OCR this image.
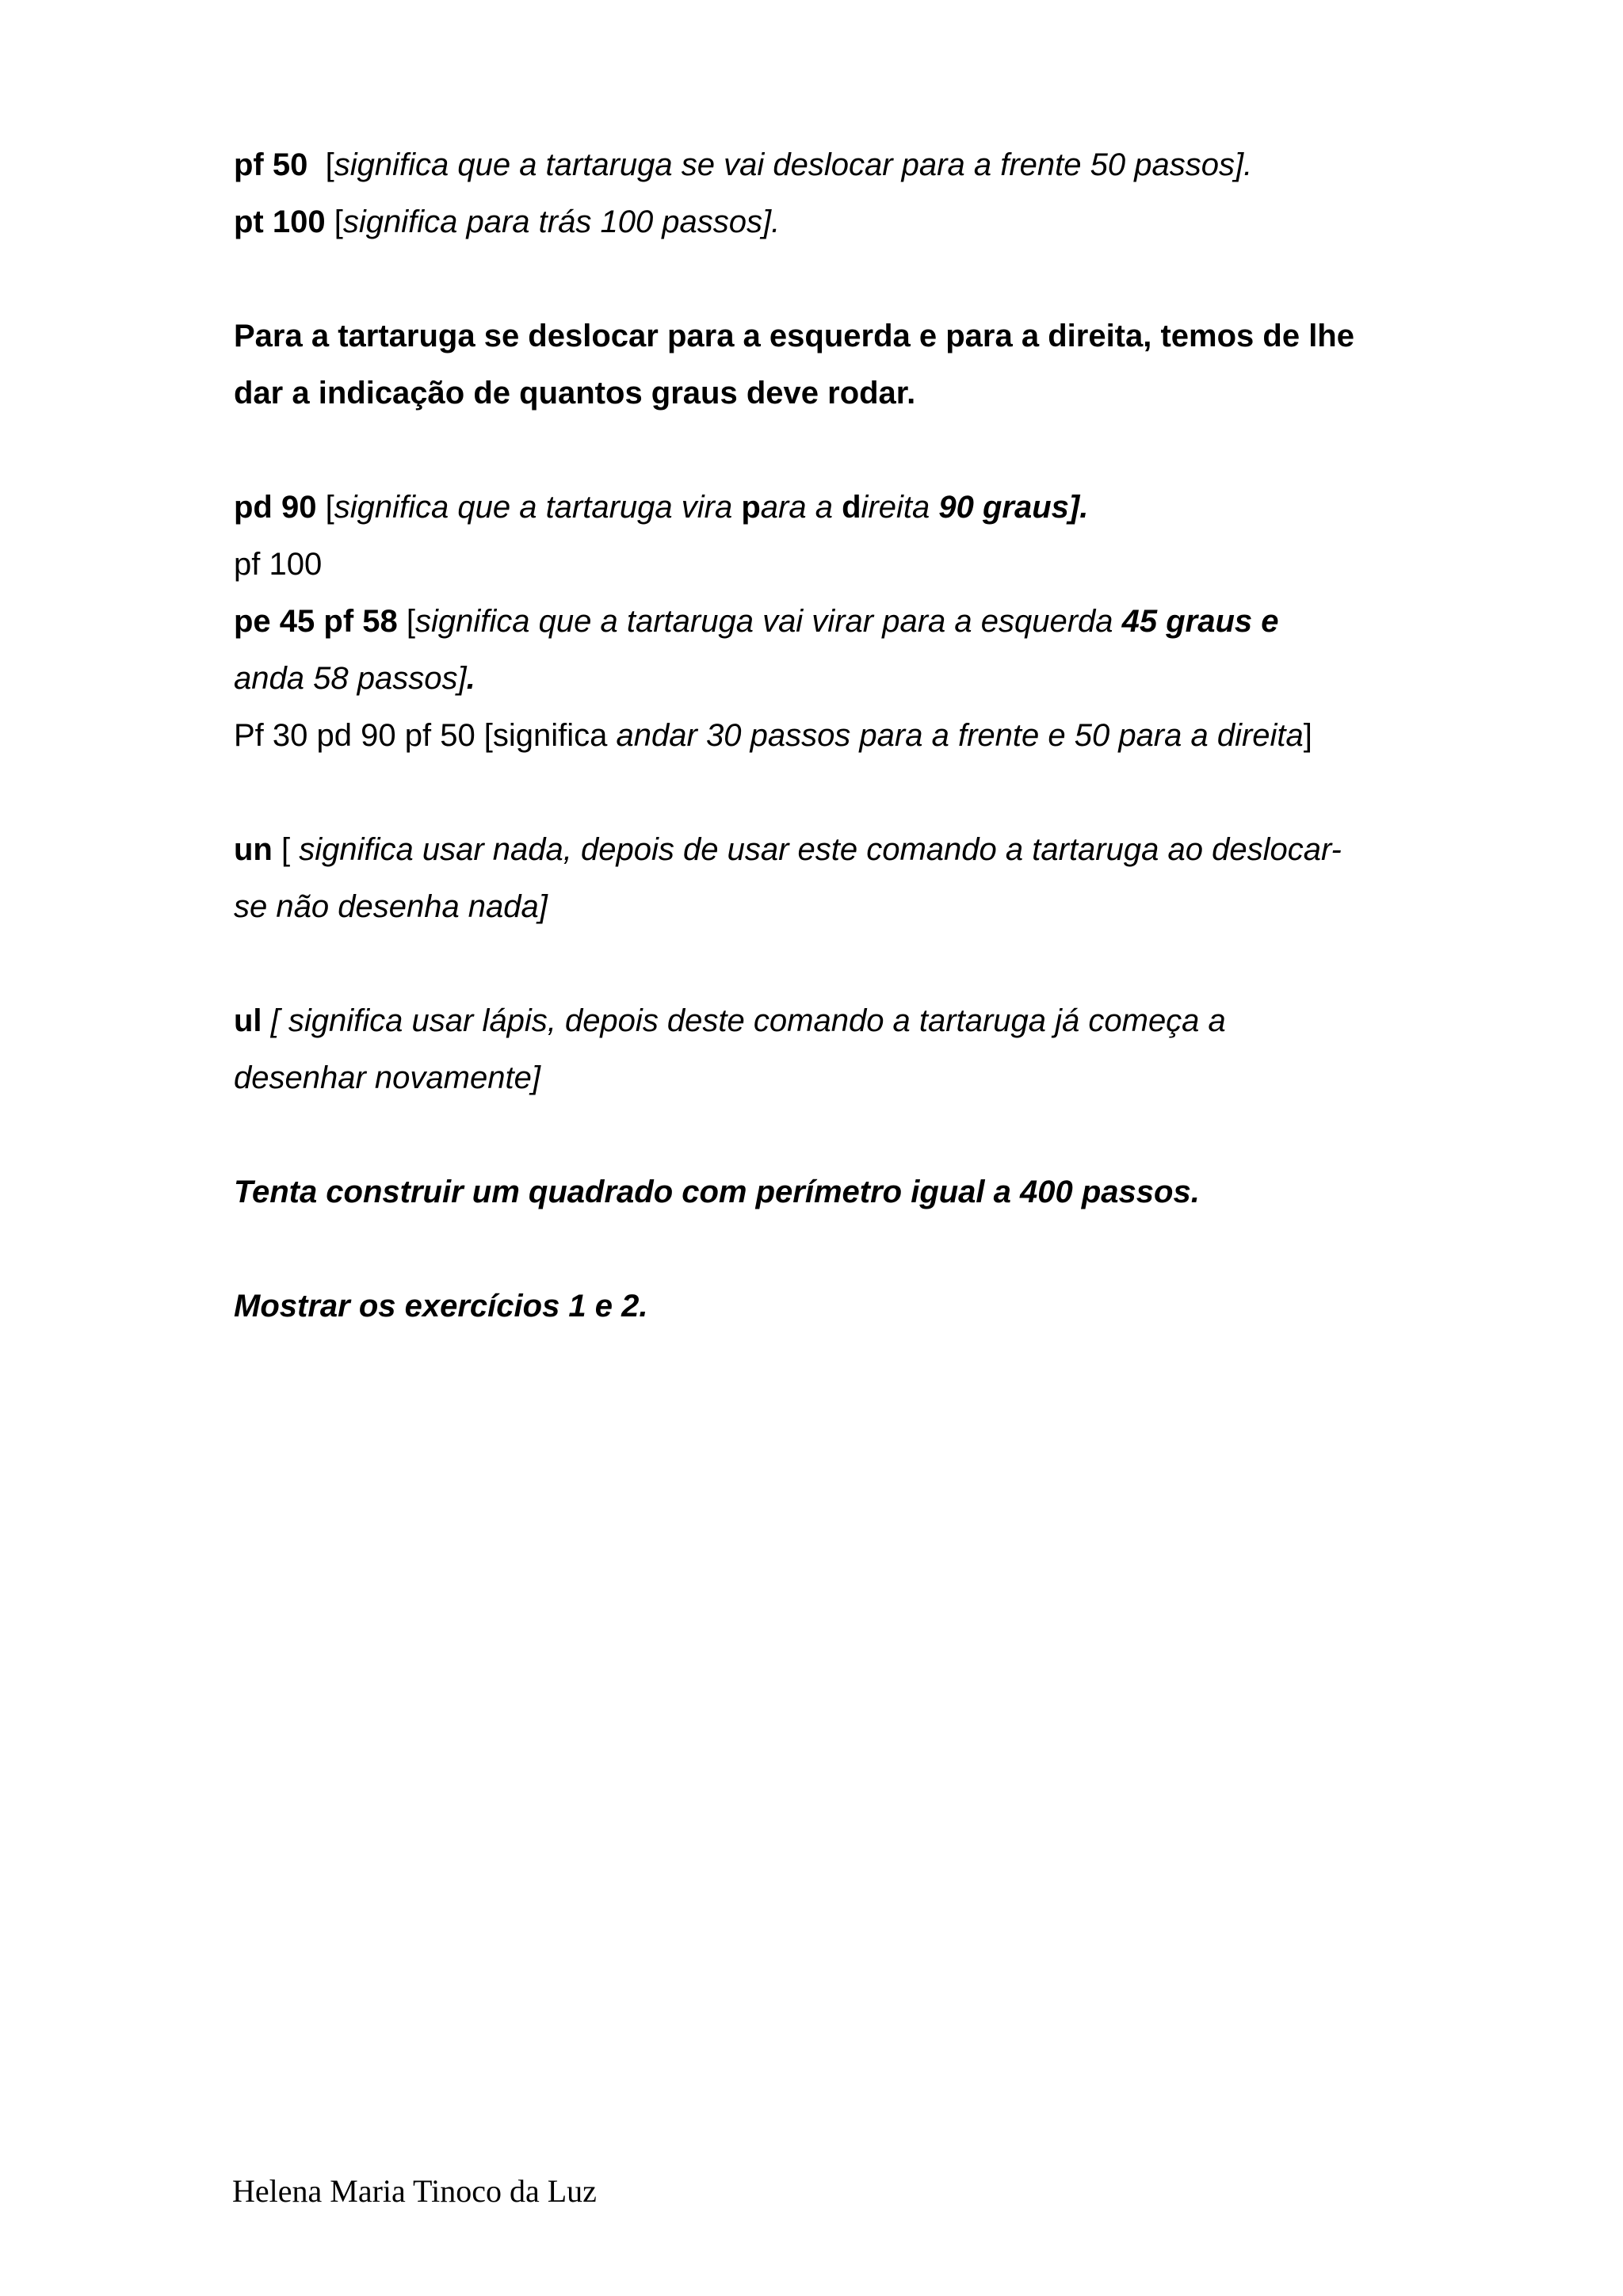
pf 50 [significa que a tartaruga se vai deslocar para a frente 50 passos].
pt 100 [significa para trás 100 passos].
Para a tartaruga se deslocar para a esquerda e para a direita, temos de lhe
dar a indicação de quantos graus deve rodar.
pd 90 [significa que a tartaruga vira para a direita 90 graus].
pf 100
pe 45 pf 58 [significa que a tartaruga vai virar para a esquerda 45 graus e
anda 58 passos].
Pf 30 pd 90 pf 50 [significa andar 30 passos para a frente e 50 para a direita]
un [ significa usar nada, depois de usar este comando a tartaruga ao deslocar-
se não desenha nada]
ul [ significa usar lápis, depois deste comando a tartaruga já começa a
desenhar novamente]
Tenta construir um quadrado com perímetro igual a 400 passos.
Mostrar os exercícios 1 e 2.
Helena Maria Tinoco da Luz
